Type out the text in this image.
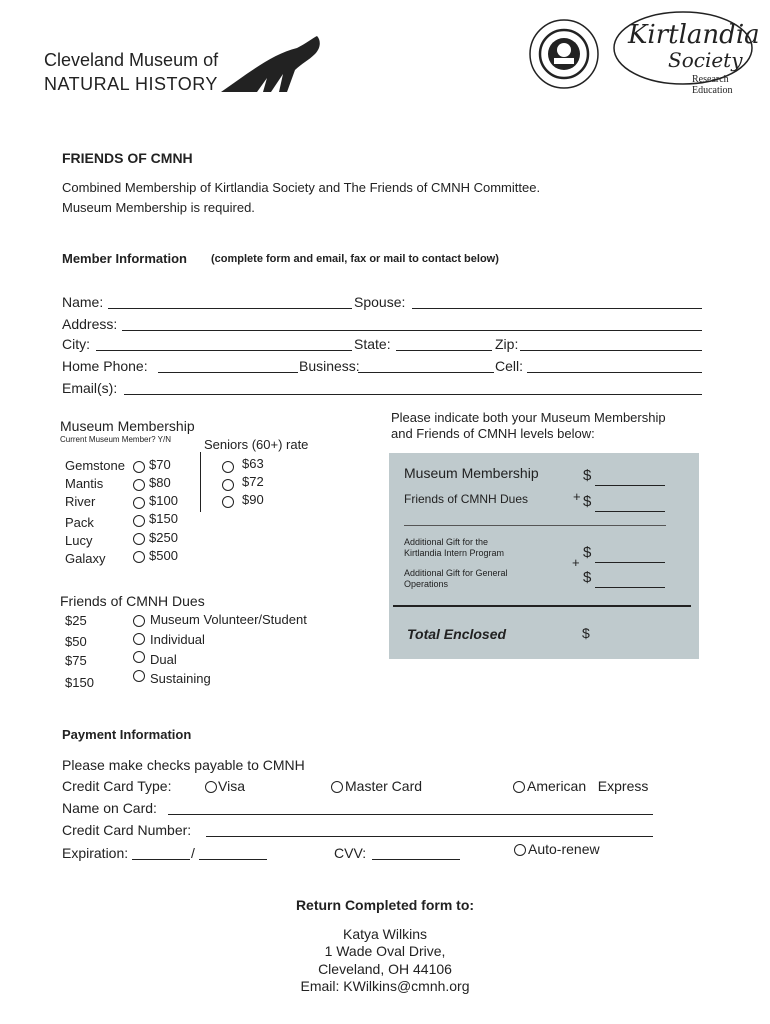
Cleveland Museum of
NATURAL HISTORY
Kirtlandia
Society
Research
Education
FRIENDS OF CMNH
Combined Membership of Kirtlandia Society and The Friends of CMNH Committee.
Museum Membership is required.
Member Information (complete form and email, fax or mail to contact below)
Name:	Spouse:
Address:
City:	State:	Zip:
Home Phone:	Business:	Cell:
Email(s):
Museum Membership
Current Museum Member? Y/N	Seniors (60+) rate
Gemstone $70	$63
Mantis	$80	$72
River	$100	$90
Pack	$150
Lucy	$250
Galaxy	$500
Friends of CMNH Dues
$25	Museum Volunteer/Student
$50	Individual
$75	Dual
$150	Sustaining
Please indicate both your Museum Membership
and Friends of CMNH levels below:
Museum Membership	$
Friends of CMNH Dues	+ $
Additional Gift for the
Kirtlandia Intern Program	$
+
Additional Gift for General
Operations	$
Total Enclosed	$
Payment Information
Please make checks payable to CMNH
Credit Card Type:	Visa	Master Card	American   Express
Name on Card:
Credit Card Number:
Expiration:	/	CVV:	Auto-renew
Return Completed form to:
Katya Wilkins
1 Wade Oval Drive,
Cleveland, OH 44106
Email: KWilkins@cmnh.org
